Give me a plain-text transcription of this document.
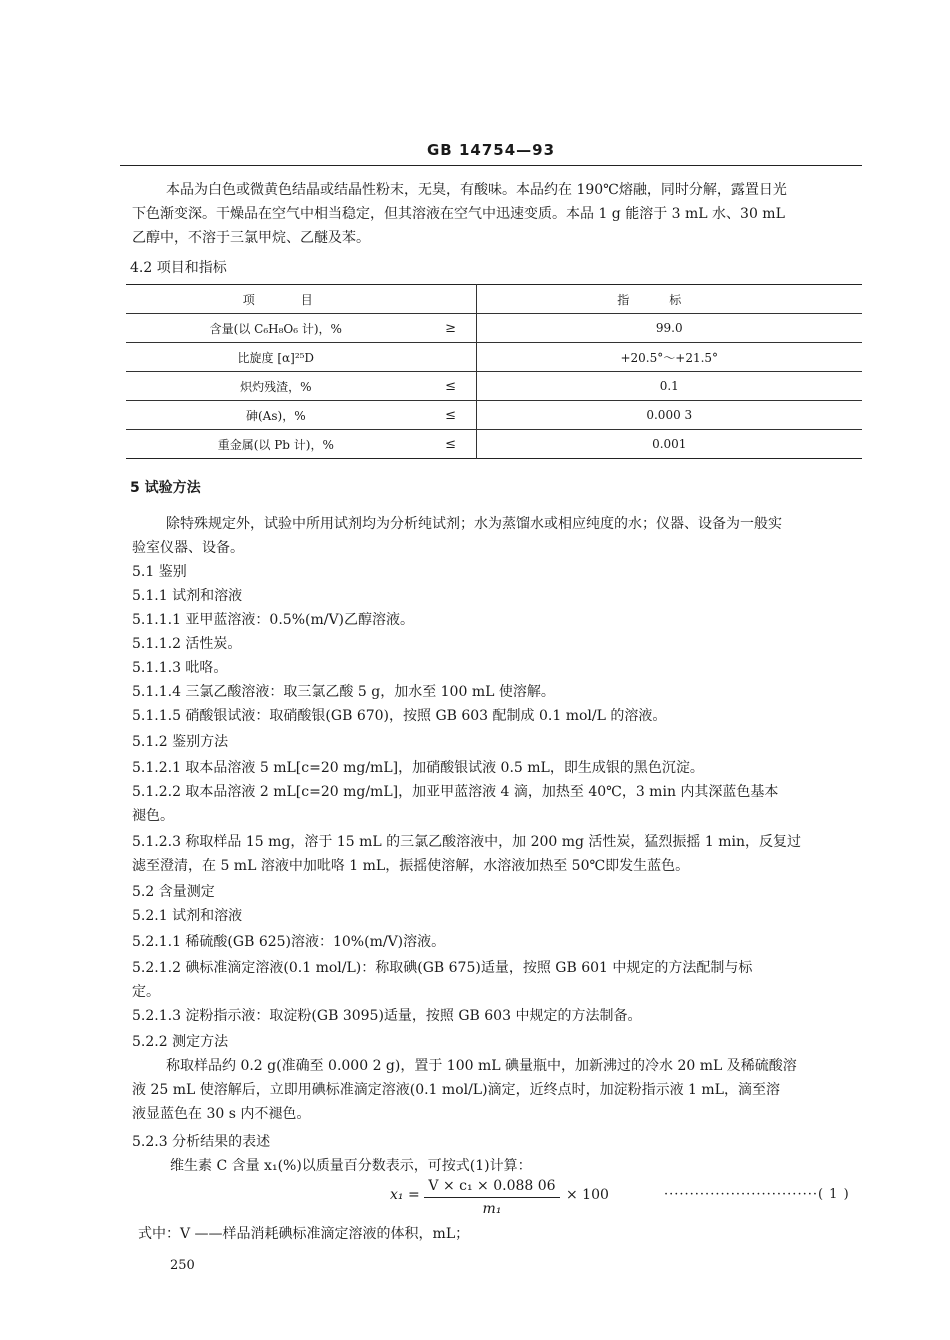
GB 14754—93
本品为白色或微黄色结晶或结晶性粉末，无臭，有酸味。本品约在 190℃熔融，同时分解，露置日光
下色渐变深。干燥品在空气中相当稳定，但其溶液在空气中迅速变质。本品 1 g 能溶于 3 mL 水、30 mL
乙醇中，不溶于三氯甲烷、乙醚及苯。
4.2 项目和指标
项目		指标
含量(以 C₆H₈O₆ 计)，%	≥	99.0
比旋度 [α]²⁵D		+20.5°～+21.5°
炽灼残渣，%	≤	0.1
砷(As)，%	≤	0.000 3
重金属(以 Pb 计)，%	≤	0.001
5 试验方法
除特殊规定外，试验中所用试剂均为分析纯试剂；水为蒸馏水或相应纯度的水；仪器、设备为一般实
验室仪器、设备。
5.1 鉴别
5.1.1 试剂和溶液
5.1.1.1 亚甲蓝溶液：0.5%(m/V)乙醇溶液。
5.1.1.2 活性炭。
5.1.1.3 吡咯。
5.1.1.4 三氯乙酸溶液：取三氯乙酸 5 g，加水至 100 mL 使溶解。
5.1.1.5 硝酸银试液：取硝酸银(GB 670)，按照 GB 603 配制成 0.1 mol/L 的溶液。
5.1.2 鉴别方法
5.1.2.1 取本品溶液 5 mL[c=20 mg/mL]，加硝酸银试液 0.5 mL，即生成银的黑色沉淀。
5.1.2.2 取本品溶液 2 mL[c=20 mg/mL]，加亚甲蓝溶液 4 滴，加热至 40℃，3 min 内其深蓝色基本
褪色。
5.1.2.3 称取样品 15 mg，溶于 15 mL 的三氯乙酸溶液中，加 200 mg 活性炭，猛烈振摇 1 min，反复过
滤至澄清，在 5 mL 溶液中加吡咯 1 mL，振摇使溶解，水溶液加热至 50℃即发生蓝色。
5.2 含量测定
5.2.1 试剂和溶液
5.2.1.1 稀硫酸(GB 625)溶液：10%(m/V)溶液。
5.2.1.2 碘标准滴定溶液(0.1 mol/L)：称取碘(GB 675)适量，按照 GB 601 中规定的方法配制与标
定。
5.2.1.3 淀粉指示液：取淀粉(GB 3095)适量，按照 GB 603 中规定的方法制备。
5.2.2 测定方法
称取样品约 0.2 g(准确至 0.000 2 g)，置于 100 mL 碘量瓶中，加新沸过的冷水 20 mL 及稀硫酸溶
液 25 mL 使溶解后，立即用碘标准滴定溶液(0.1 mol/L)滴定，近终点时，加淀粉指示液 1 mL，滴至溶
液显蓝色在 30 s 内不褪色。
5.2.3 分析结果的表述
维生素 C 含量 x₁(%)以质量百分数表示，可按式(1)计算：
x₁ =
V × c₁ × 0.088 06
m₁
× 100	······························( 1 )
式中：V ——样品消耗碘标准滴定溶液的体积，mL；
250
